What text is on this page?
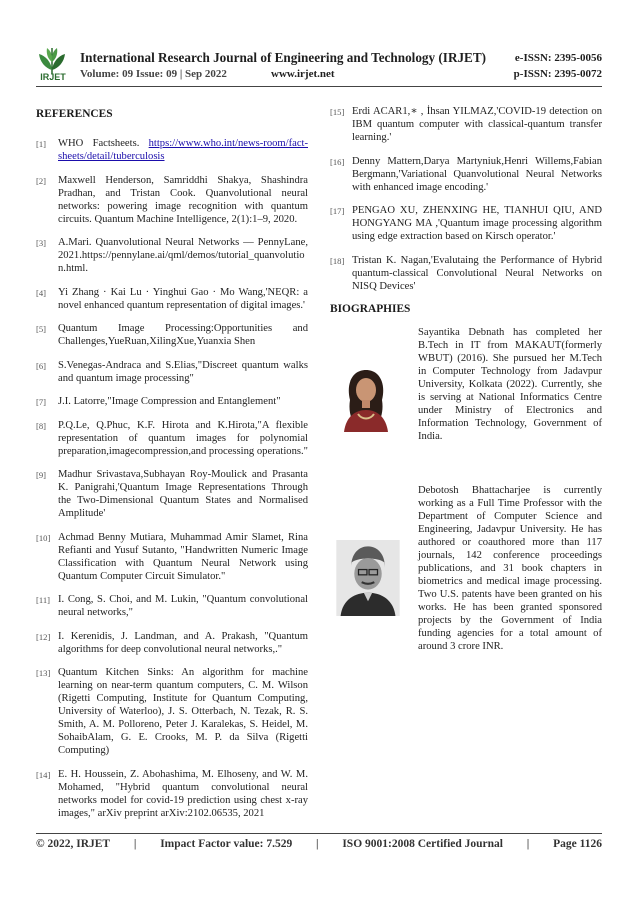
IRJET
International Research Journal of Engineering and Technology (IRJET)	e-ISSN: 2395-0056
Volume: 09 Issue: 09 | Sep 2022	www.irjet.net	p-ISSN: 2395-0072
REFERENCES
[1] WHO Factsheets. https://www.who.int/news-room/fact-sheets/detail/tuberculosis
[2] Maxwell Henderson, Samriddhi Shakya, Shashindra Pradhan, and Tristan Cook. Quanvolutional neural networks: powering image recognition with quantum circuits. Quantum Machine Intelligence, 2(1):1–9, 2020.
[3] A.Mari. Quanvolutional Neural Networks — PennyLane, 2021.https://pennylane.ai/qml/demos/tutorial_quanvolution.html.
[4] Yi Zhang · Kai Lu · Yinghui Gao · Mo Wang,'NEQR: a novel enhanced quantum representation of digital images.'
[5] Quantum Image Processing:Opportunities and Challenges,YueRuan,XilingXue,Yuanxia Shen
[6] S.Venegas-Andraca and S.Elias,"Discreet quantum walks and quantum image processing"
[7] J.I. Latorre,"Image Compression and Entanglement"
[8] P.Q.Le, Q.Phuc, K.F. Hirota and K.Hirota,"A flexible representation of quantum images for polynomial preparation,imagecompression,and processing operations."
[9] Madhur Srivastava,Subhayan Roy-Moulick and Prasanta K. Panigrahi,'Quantum Image Representations Through the Two-Dimensional Quantum States and Normalised Amplitude'
[10] Achmad Benny Mutiara, Muhammad Amir Slamet, Rina Refianti and Yusuf Sutanto, "Handwritten Numeric Image Classification with Quantum Neural Network using Quantum Computer Circuit Simulator."
[11] I. Cong, S. Choi, and M. Lukin, "Quantum convolutional neural networks,"
[12] I. Kerenidis, J. Landman, and A. Prakash, "Quantum algorithms for deep convolutional neural networks,."
[13] Quantum Kitchen Sinks: An algorithm for machine learning on near-term quantum computers, C. M. Wilson (Rigetti Computing, Institute for Quantum Computing, University of Waterloo), J. S. Otterbach, N. Tezak, R. S. Smith, A. M. Polloreno, Peter J. Karalekas, S. Heidel, M. SohaibAlam, G. E. Crooks, M. P. da Silva (Rigetti Computing)
[14] E. H. Houssein, Z. Abohashima, M. Elhoseny, and W. M. Mohamed, "Hybrid quantum convolutional neural networks model for covid-19 prediction using chest x-ray images," arXiv preprint arXiv:2102.06535, 2021
[15] Erdi ACAR1,∗ , İhsan YILMAZ,'COVID-19 detection on IBM quantum computer with classical-quantum transfer learning.'
[16] Denny Mattern,Darya Martyniuk,Henri Willems,Fabian Bergmann,'Variational Quanvolutional Neural Networks with enhanced image encoding.'
[17] PENGAO XU, ZHENXING HE, TIANHUI QIU, AND HONGYANG MA ,'Quantum image processing algorithm using edge extraction based on Kirsch operator.'
[18] Tristan K. Nagan,'Evalutaing the Performance of Hybrid quantum-classical Convolutional Neural Networks on NISQ Devices'
BIOGRAPHIES
Sayantika Debnath has completed her B.Tech in IT from MAKAUT(formerly WBUT) (2016). She pursued her M.Tech in Computer Technology from Jadavpur University, Kolkata (2022). Currently, she is serving at National Informatics Centre under Ministry of Electronics and Information Technology, Government of India.
Debotosh Bhattacharjee is currently working as a Full Time Professor with the Department of Computer Science and Engineering, Jadavpur University. He has authored or coauthored more than 117 journals, 142 conference proceedings publications, and 31 book chapters in biometrics and medical image processing. Two U.S. patents have been granted on his works. He has been granted sponsored projects by the Government of India funding agencies for a total amount of around 3 crore INR.
© 2022, IRJET | Impact Factor value: 7.529 | ISO 9001:2008 Certified Journal | Page 1126
